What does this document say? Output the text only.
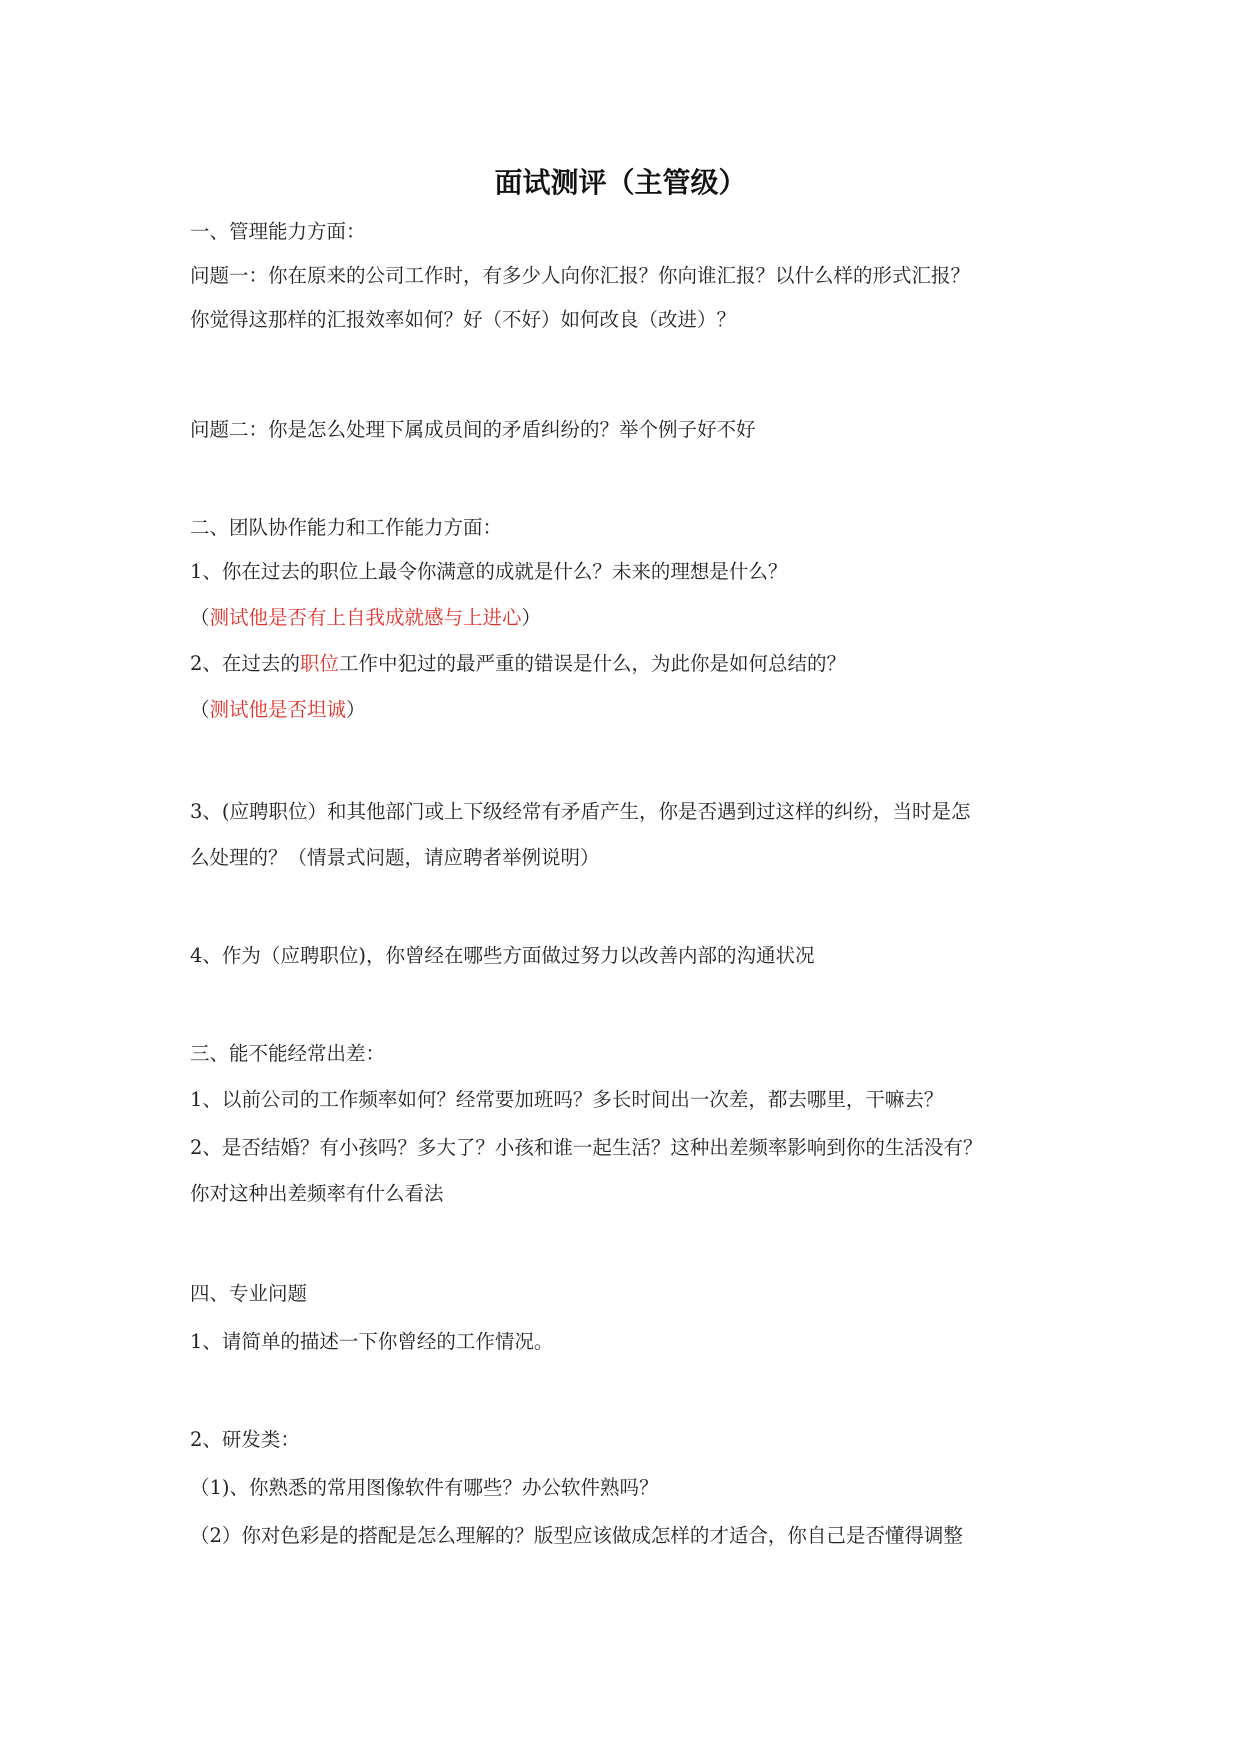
面试测评（主管级）

一、管理能力方面：

问题一：你在原来的公司工作时，有多少人向你汇报？你向谁汇报？以什么样的形式汇报？

你觉得这那样的汇报效率如何？好（不好）如何改良（改进）？

问题二：你是怎么处理下属成员间的矛盾纠纷的？举个例子好不好

二、团队协作能力和工作能力方面：

1、你在过去的职位上最令你满意的成就是什么？未来的理想是什么？

（测试他是否有上自我成就感与上进心）

2、在过去的职位工作中犯过的最严重的错误是什么，为此你是如何总结的？

（测试他是否坦诚）

3、(应聘职位）和其他部门或上下级经常有矛盾产生，你是否遇到过这样的纠纷，当时是怎

么处理的？（情景式问题，请应聘者举例说明）

4、作为（应聘职位)，你曾经在哪些方面做过努力以改善内部的沟通状况

三、能不能经常出差：

1、以前公司的工作频率如何？经常要加班吗？多长时间出一次差，都去哪里，干嘛去？

2、是否结婚？有小孩吗？多大了？小孩和谁一起生活？这种出差频率影响到你的生活没有？

你对这种出差频率有什么看法

四、专业问题

1、请简单的描述一下你曾经的工作情况。

2、研发类：

（1)、你熟悉的常用图像软件有哪些？办公软件熟吗？

（2）你对色彩是的搭配是怎么理解的？版型应该做成怎样的才适合，你自己是否懂得调整
